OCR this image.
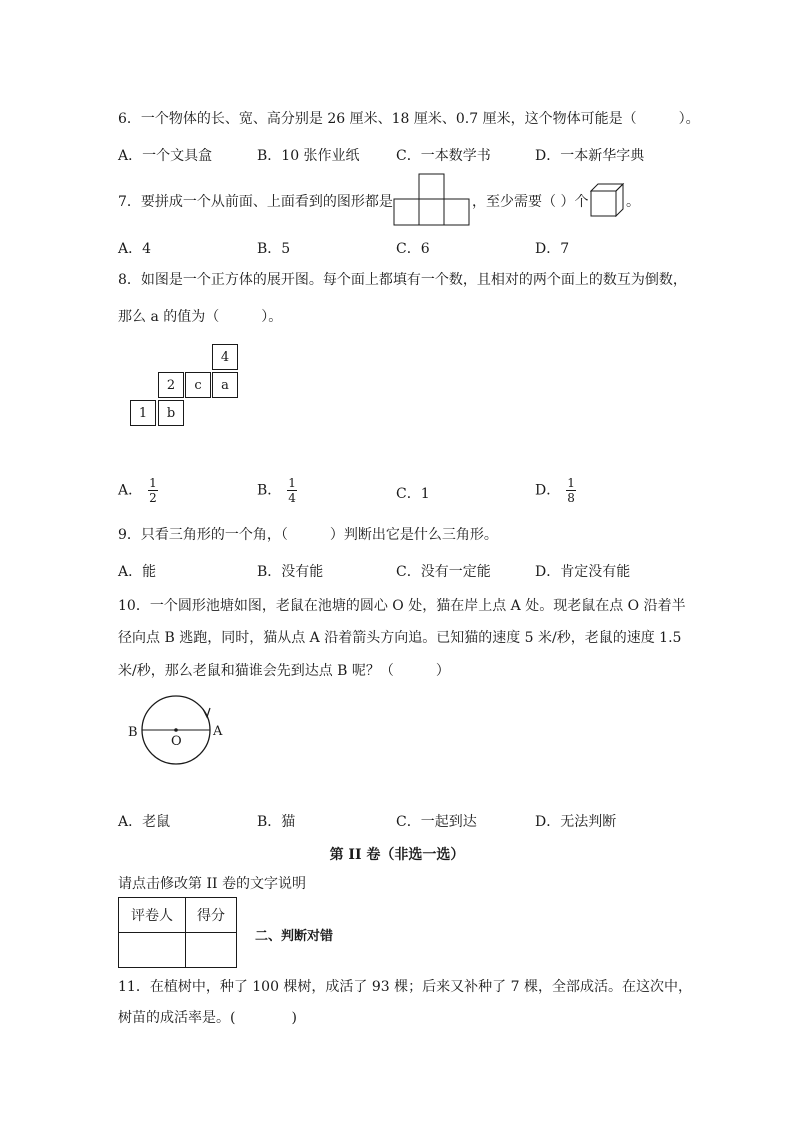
6．一个物体的长、宽、高分别是 26 厘米、18 厘米、0.7 厘米，这个物体可能是（　　　）。
A．一个文具盒	B．10 张作业纸	C．一本数学书	D．一本新华字典
7．要拼成一个从前面、上面看到的图形都是	，至少需要（ ）个	。
A．4	B．5	C．6	D．7
8．如图是一个正方体的展开图。每个面上都填有一个数，且相对的两个面上的数互为倒数，
那么 a 的值为（　　　）。
4
2	c	a
1	b
A． $\frac{1}{2}$	B． $\frac{1}{4}$	C．1	D． $\frac{1}{8}$
9．只看三角形的一个角，（　　　）判断出它是什么三角形。
A．能	B．没有能	C．没有一定能	D．肯定没有能
10．一个圆形池塘如图，老鼠在池塘的圆心 O 处，猫在岸上点 A 处。现老鼠在点 O 沿着半
径向点 B 逃跑，同时，猫从点 A 沿着箭头方向追。已知猫的速度 5 米/秒，老鼠的速度 1.5
米/秒，那么老鼠和猫谁会先到达点 B 呢？（　　　）
B
O
A
A．老鼠	B．猫	C．一起到达	D．无法判断
第 II 卷（非选一选）
请点击修改第 II 卷的文字说明
评卷人	得分

二、判断对错
11．在植树中，种了 100 棵树，成活了 93 棵；后来又补种了 7 棵，全部成活。在这次中，
树苗的成活率是。(　　　　)
